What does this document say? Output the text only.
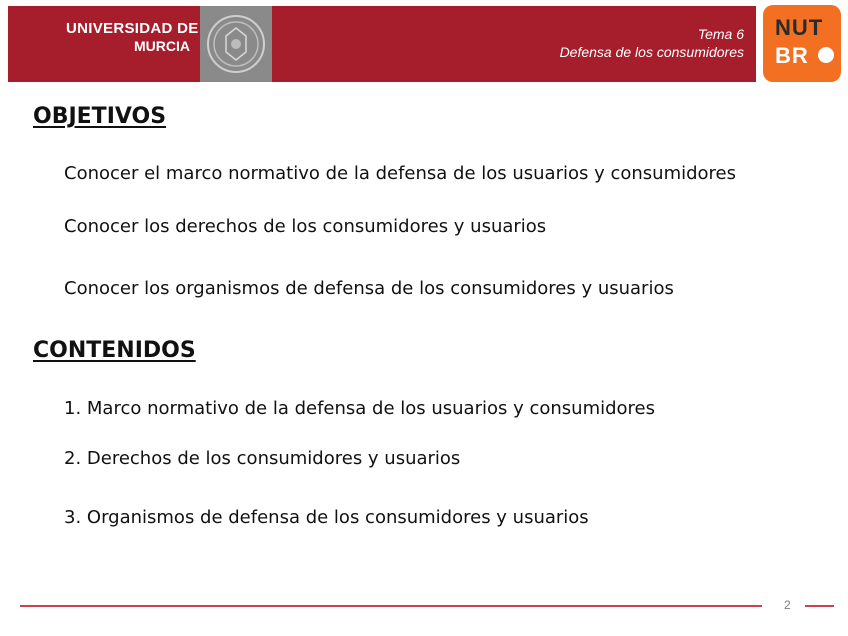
UNIVERSIDAD DE
MURCIA
Tema 6
Defensa de los consumidores
NUT
BR
OBJETIVOS
Conocer el marco normativo de la defensa de los usuarios y consumidores
Conocer los derechos de los consumidores y usuarios
Conocer los organismos de defensa de los consumidores y usuarios
CONTENIDOS
1. Marco normativo de la defensa de los usuarios y consumidores
2. Derechos de los consumidores y usuarios
3. Organismos de defensa de los consumidores y usuarios
2
